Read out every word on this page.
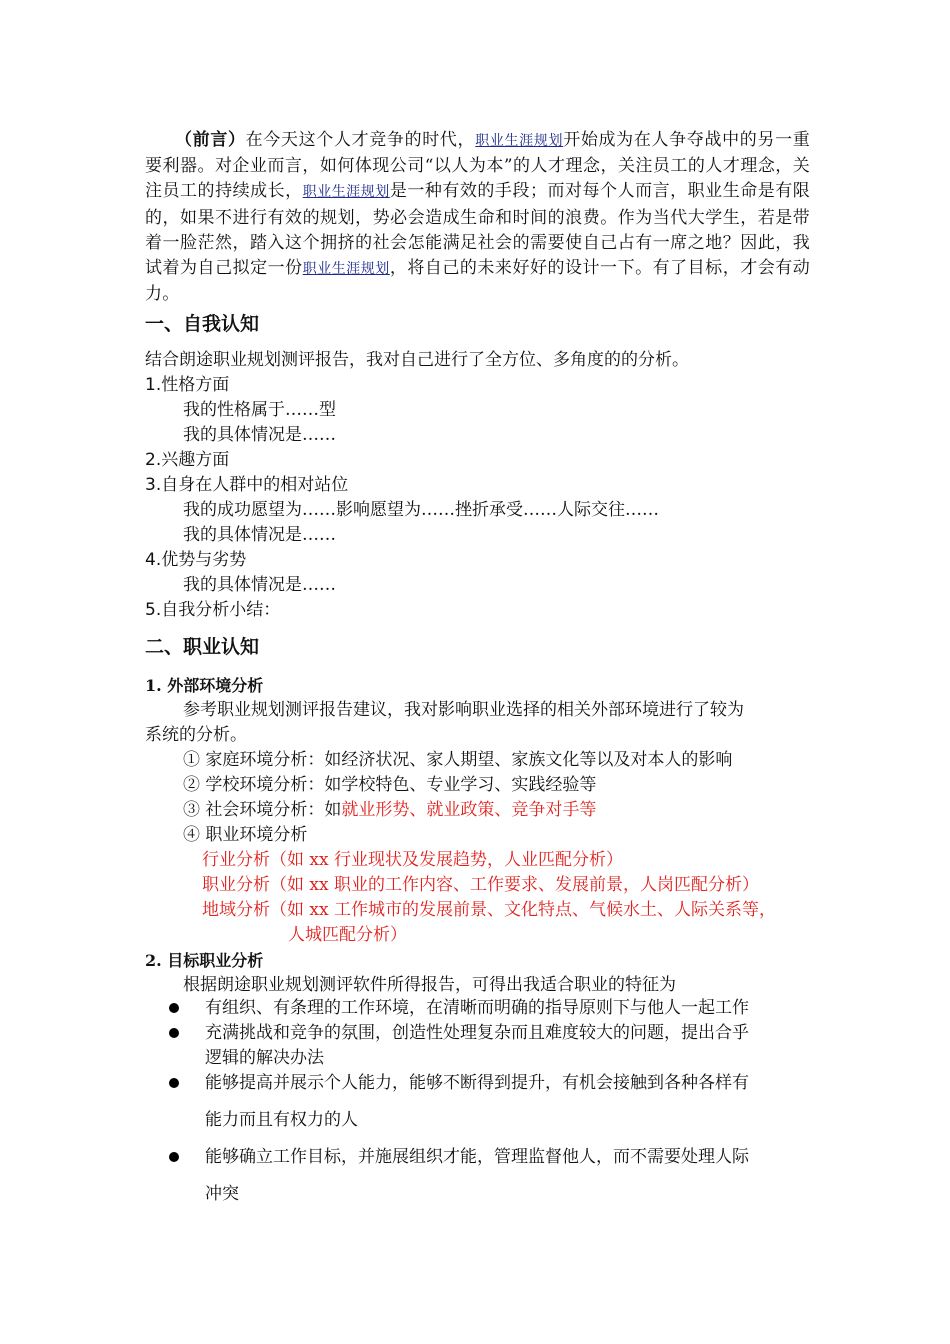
（前言）在今天这个人才竞争的时代，职业生涯规划开始成为在人争夺战中的另一重要利器。对企业而言，如何体现公司“以人为本”的人才理念，关注员工的人才理念，关注员工的持续成长，职业生涯规划是一种有效的手段；而对每个人而言，职业生命是有限的，如果不进行有效的规划，势必会造成生命和时间的浪费。作为当代大学生，若是带着一脸茫然，踏入这个拥挤的社会怎能满足社会的需要使自己占有一席之地？因此，我试着为自己拟定一份职业生涯规划，将自己的未来好好的设计一下。有了目标，才会有动力。
一、自我认知
结合朗途职业规划测评报告，我对自己进行了全方位、多角度的的分析。
1.性格方面
我的性格属于……型
我的具体情况是……
2.兴趣方面
3.自身在人群中的相对站位
我的成功愿望为……影响愿望为……挫折承受……人际交往……
我的具体情况是……
4.优势与劣势
我的具体情况是……
5.自我分析小结：
二、职业认知
1. 外部环境分析
参考职业规划测评报告建议，我对影响职业选择的相关外部环境进行了较为
系统的分析。
① 家庭环境分析：如经济状况、家人期望、家族文化等以及对本人的影响
② 学校环境分析：如学校特色、专业学习、实践经验等
③ 社会环境分析：如就业形势、就业政策、竞争对手等
④ 职业环境分析
行业分析（如 xx 行业现状及发展趋势，人业匹配分析）
职业分析（如 xx 职业的工作内容、工作要求、发展前景，人岗匹配分析）
地域分析（如 xx 工作城市的发展前景、文化特点、气候水土、人际关系等，
人城匹配分析）
2. 目标职业分析
根据朗途职业规划测评软件所得报告，可得出我适合职业的特征为
有组织、有条理的工作环境，在清晰而明确的指导原则下与他人一起工作
充满挑战和竞争的氛围，创造性处理复杂而且难度较大的问题，提出合乎
逻辑的解决办法
能够提高并展示个人能力，能够不断得到提升，有机会接触到各种各样有
能力而且有权力的人
能够确立工作目标，并施展组织才能，管理监督他人，而不需要处理人际
冲突
